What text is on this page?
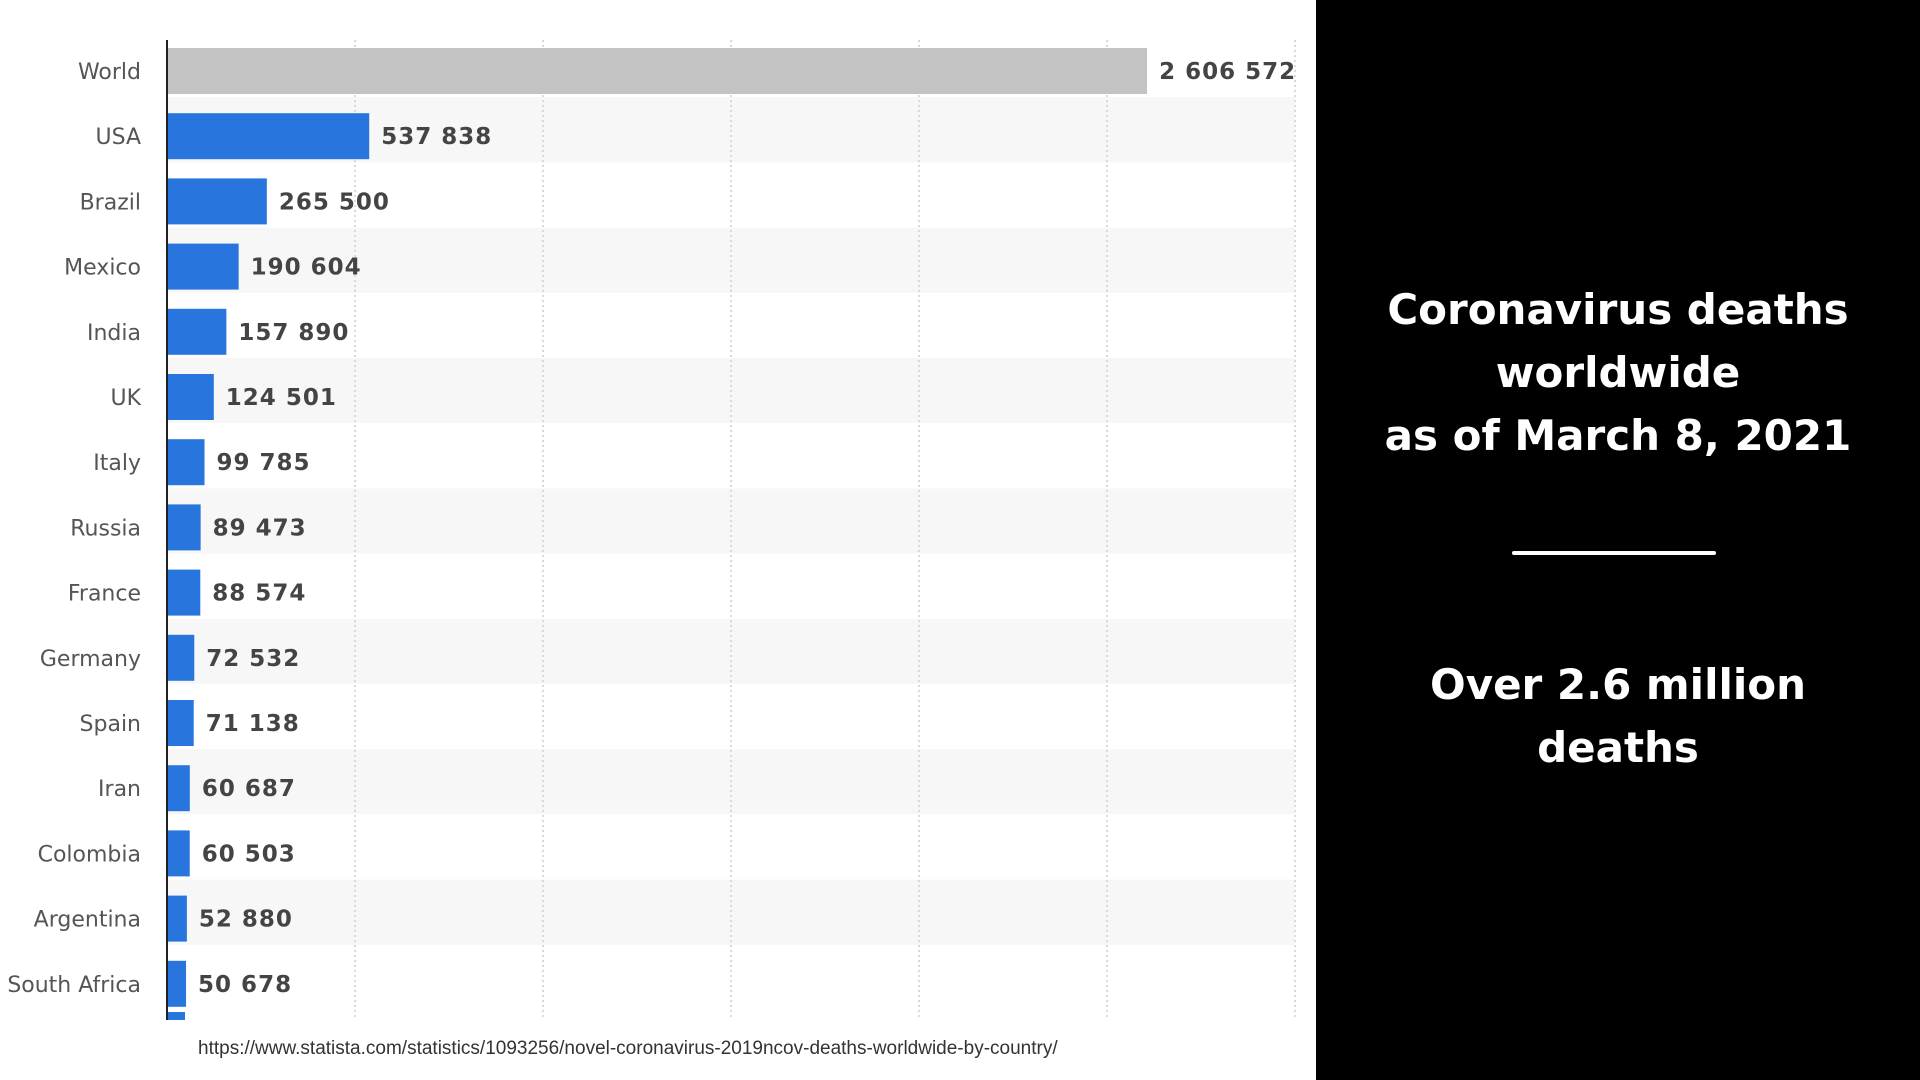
World
USA
Brazil
Mexico
India
UK
Italy
Russia
France
Germany
Spain
Iran
Colombia
Argentina
South Africa
2 606 572
537 838
265 500
190 604
157 890
124 501
99 785
89 473
88 574
72 532
71 138
60 687
60 503
52 880
50 678
https://www.statista.com/statistics/1093256/novel-coronavirus-2019ncov-deaths-worldwide-by-country/
Coronavirus deaths
worldwide
as of March 8, 2021
Over 2.6 million
deaths
